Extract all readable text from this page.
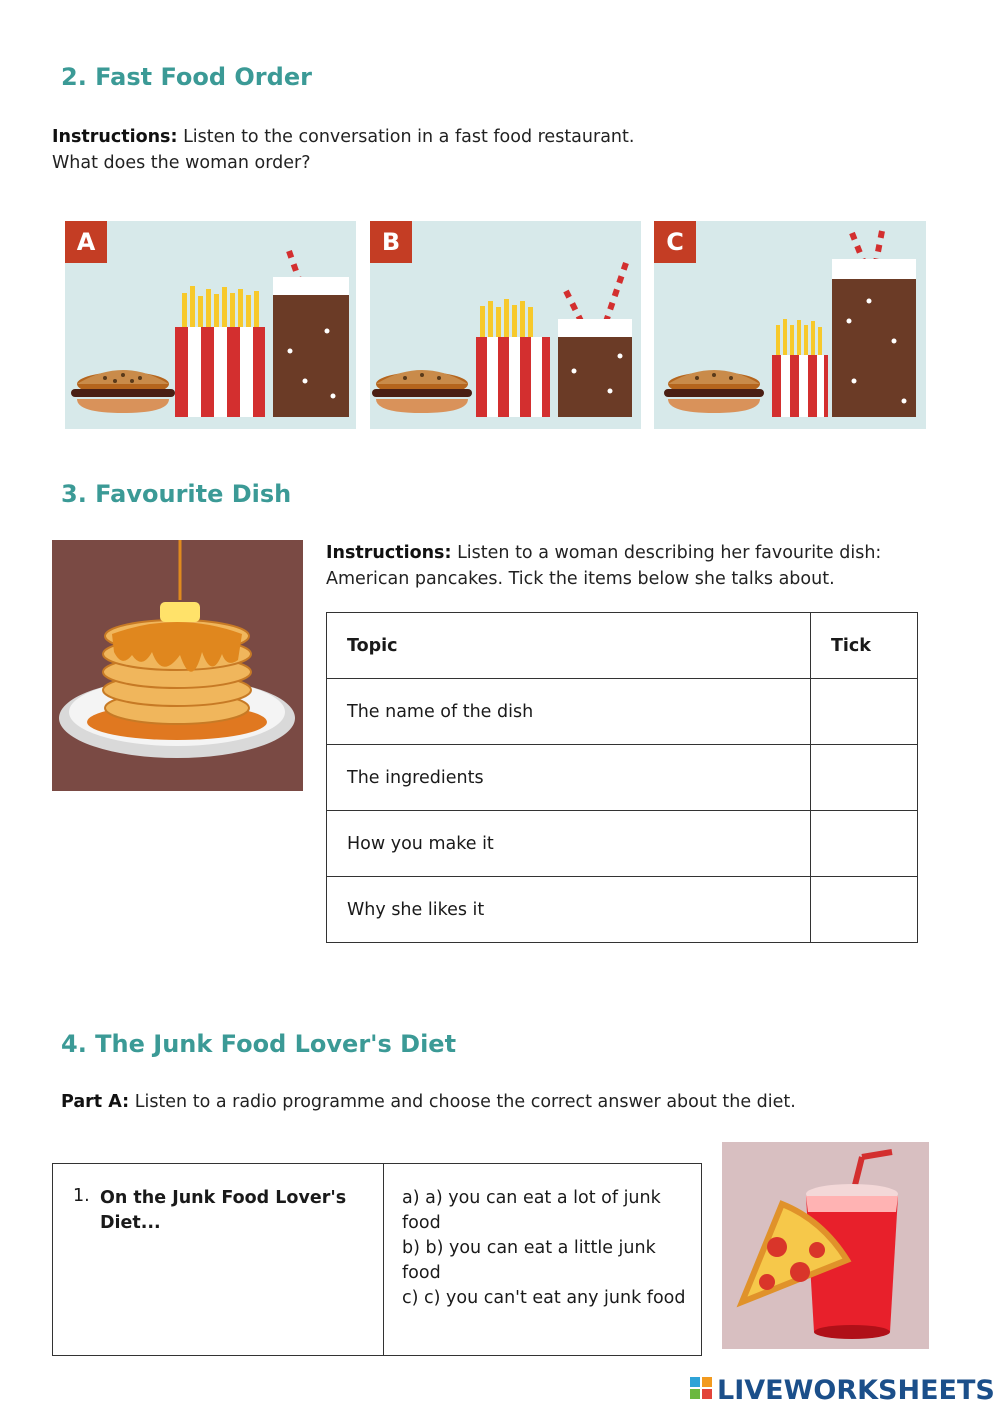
2. Fast Food Order
Instructions: Listen to the conversation in a fast food restaurant.
What does the woman order?
A	B	C
3. Favourite Dish
Instructions: Listen to a woman describing her favourite dish:
American pancakes. Tick the items below she talks about.
Topic	Tick
The name of the dish	
The ingredients	
How you make it	
Why she likes it	
4. The Junk Food Lover's Diet
Part A: Listen to a radio programme and choose the correct answer about the diet.
1. On the Junk Food Lover's Diet...
a) a) you can eat a lot of junk food
b) b) you can eat a little junk food
c) c) you can't eat any junk food
LIVEWORKSHEETS
